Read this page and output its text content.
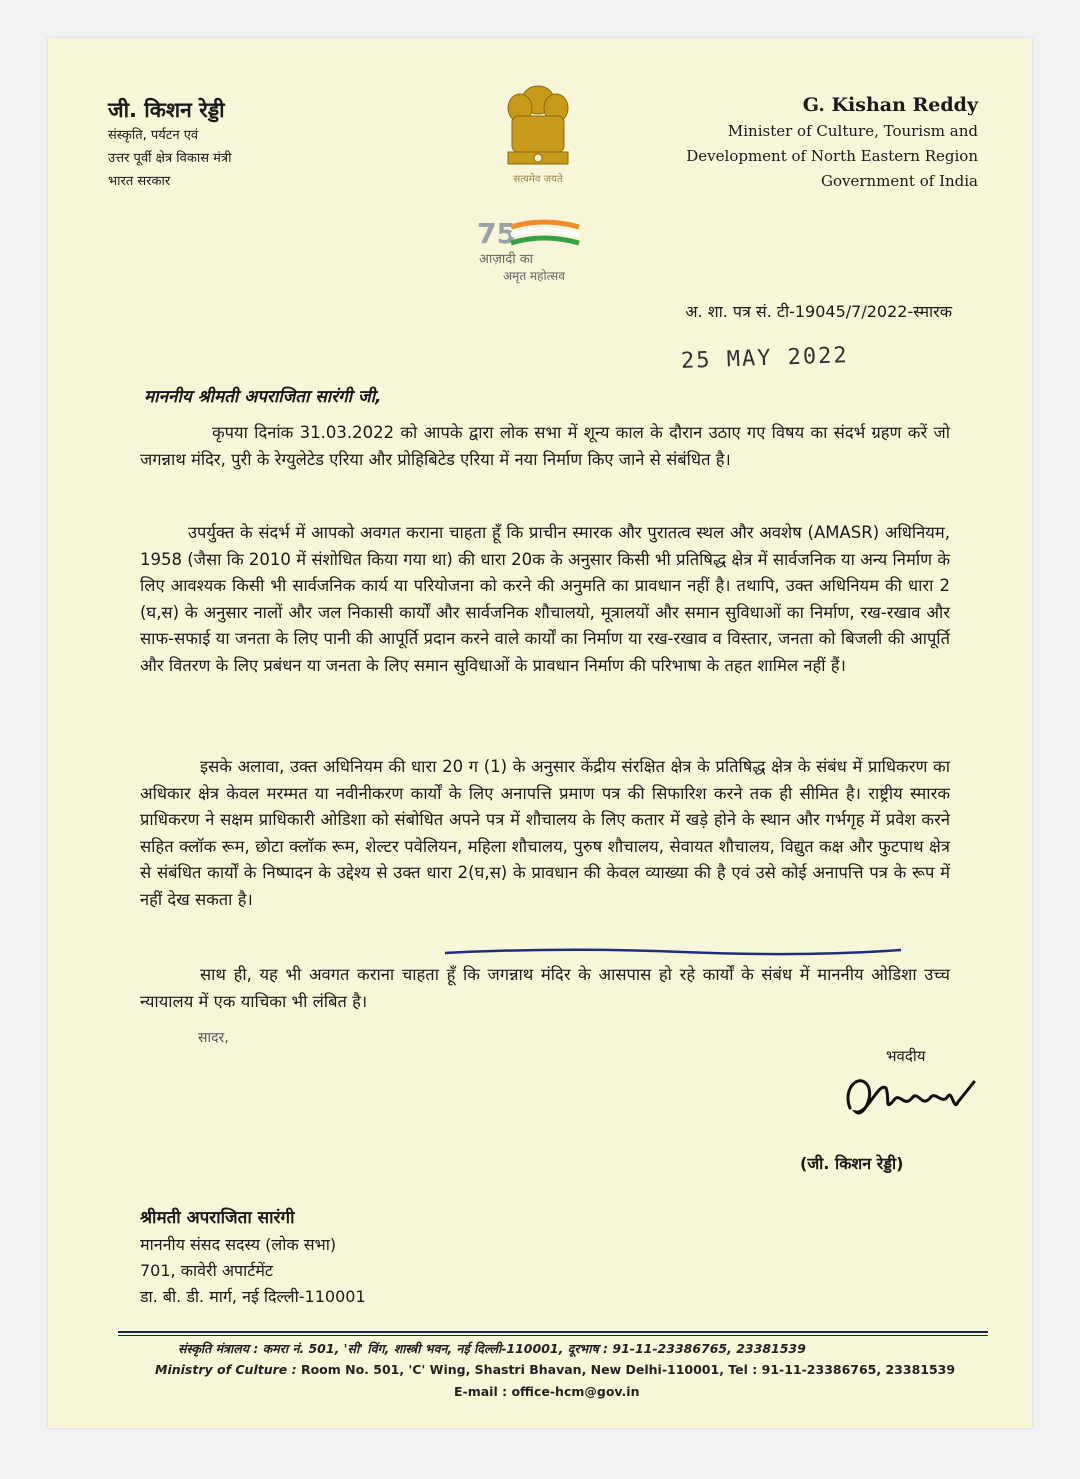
जी. किशन रेड्डी

संस्कृति, पर्यटन एवं

उत्तर पूर्वी क्षेत्र विकास मंत्री

भारत सरकार	सत्यमेव जयते
G. Kishan Reddy
Minister of Culture, Tourism and
Development of North Eastern Region
Government of India
75
आज़ादी का
अमृत महोत्सव
अ. शा. पत्र सं. टी-19045/7/2022-स्मारक
25 MAY 2022
माननीय श्रीमती अपराजिता सारंगी जी,

कृपया दिनांक 31.03.2022 को आपके द्वारा लोक सभा में शून्य काल के दौरान उठाए गए विषय का संदर्भ ग्रहण करें जो जगन्नाथ मंदिर, पुरी के रेग्युलेटेड एरिया और प्रोहिबिटेड एरिया में नया निर्माण किए जाने से संबंधित है।

उपर्युक्त के संदर्भ में आपको अवगत कराना चाहता हूँ कि प्राचीन स्मारक और पुरातत्व स्थल और अवशेष (AMASR) अधिनियम, 1958 (जैसा कि 2010 में संशोधित किया गया था) की धारा 20क के अनुसार किसी भी प्रतिषिद्ध क्षेत्र में सार्वजनिक या अन्य निर्माण के लिए आवश्यक किसी भी सार्वजनिक कार्य या परियोजना को करने की अनुमति का प्रावधान नहीं है। तथापि, उक्त अधिनियम की धारा 2 (घ,स) के अनुसार नालों और जल निकासी कार्यों और सार्वजनिक शौचालयो, मूत्रालयों और समान सुविधाओं का निर्माण, रख-रखाव और साफ-सफाई या जनता के लिए पानी की आपूर्ति प्रदान करने वाले कार्यों का निर्माण या रख-रखाव व विस्तार, जनता को बिजली की आपूर्ति और वितरण के लिए प्रबंधन या जनता के लिए समान सुविधाओं के प्रावधान निर्माण की परिभाषा के तहत शामिल नहीं हैं।

इसके अलावा, उक्त अधिनियम की धारा 20 ग (1) के अनुसार केंद्रीय संरक्षित क्षेत्र के प्रतिषिद्ध क्षेत्र के संबंध में प्राधिकरण का अधिकार क्षेत्र केवल मरम्मत या नवीनीकरण कार्यों के लिए अनापत्ति प्रमाण पत्र की सिफारिश करने तक ही सीमित है। राष्ट्रीय स्मारक प्राधिकरण ने सक्षम प्राधिकारी ओडिशा को संबोधित अपने पत्र में शौचालय के लिए कतार में खड़े होने के स्थान और गर्भगृह में प्रवेश करने सहित क्लॉक रूम, छोटा क्लॉक रूम, शेल्टर पवेलियन, महिला शौचालय, पुरुष शौचालय, सेवायत शौचालय, विद्युत कक्ष और फुटपाथ क्षेत्र से संबंधित कार्यों के निष्पादन के उद्देश्य से उक्त धारा 2(घ,स) के प्रावधान की केवल व्याख्या की है एवं उसे कोई अनापत्ति पत्र के रूप में नहीं देख सकता है।

साथ ही, यह भी अवगत कराना चाहता हूँ कि जगन्नाथ मंदिर के आसपास हो रहे कार्यों के संबंध में माननीय ओडिशा उच्च न्यायालय में एक याचिका भी लंबित है।

सादर,
भवदीय
(जी. किशन रेड्डी)
श्रीमती अपराजिता सारंगी
माननीय संसद सदस्य (लोक सभा)
701, कावेरी अपार्टमेंट
डा. बी. डी. मार्ग, नई दिल्ली-110001
संस्कृति मंत्रालय : कमरा नं. 501, 'सी' विंग, शास्त्री भवन, नई दिल्ली-110001, दूरभाष : 91-11-23386765, 23381539
Ministry of Culture : Room No. 501, 'C' Wing, Shastri Bhavan, New Delhi-110001, Tel : 91-11-23386765, 23381539
E-mail : office-hcm@gov.in
